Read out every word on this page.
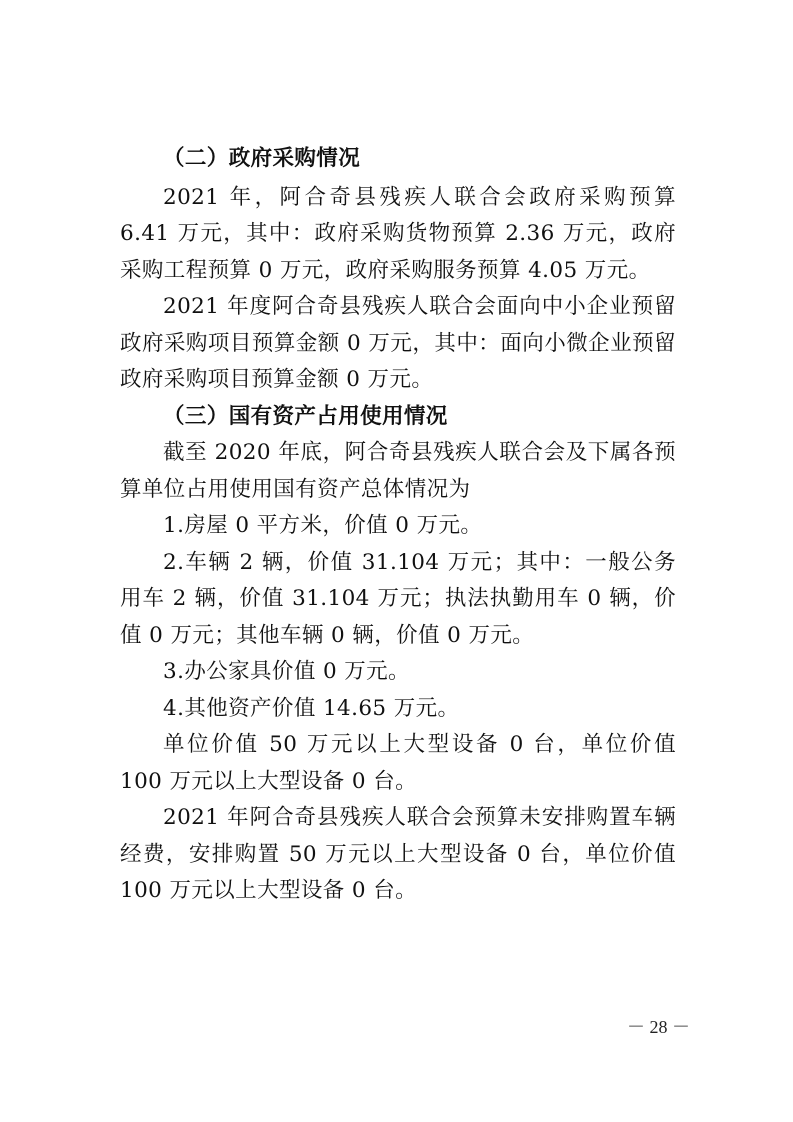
（二）政府采购情况

2021 年，阿合奇县残疾人联合会政府采购预算 6.41 万元，其中：政府采购货物预算 2.36 万元，政府采购工程预算 0 万元，政府采购服务预算 4.05 万元。

2021 年度阿合奇县残疾人联合会面向中小企业预留政府采购项目预算金额 0 万元，其中：面向小微企业预留政府采购项目预算金额 0 万元。

（三）国有资产占用使用情况

截至 2020 年底，阿合奇县残疾人联合会及下属各预算单位占用使用国有资产总体情况为

1.房屋 0 平方米，价值 0 万元。

2.车辆 2 辆，价值 31.104 万元；其中：一般公务用车 2 辆，价值 31.104 万元；执法执勤用车 0 辆，价值 0 万元；其他车辆 0 辆，价值 0 万元。

3.办公家具价值 0 万元。

4.其他资产价值 14.65 万元。

单位价值 50 万元以上大型设备 0 台，单位价值 100 万元以上大型设备 0 台。

2021 年阿合奇县残疾人联合会预算未安排购置车辆经费，安排购置 50 万元以上大型设备 0 台，单位价值 100 万元以上大型设备 0 台。

－ 28 －
